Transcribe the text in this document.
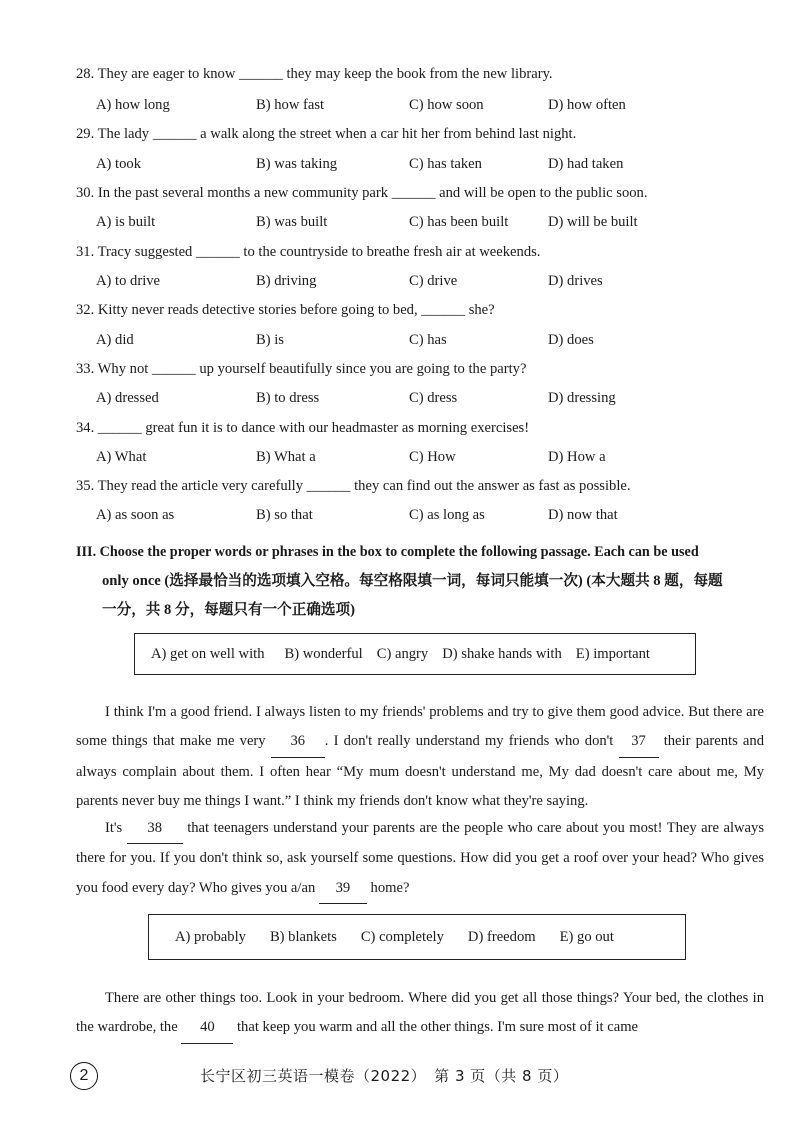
28. They are eager to know ______ they may keep the book from the new library.
A) how long	B) how fast	C) how soon	D) how often
29. The lady ______ a walk along the street when a car hit her from behind last night.
A) took	B) was taking	C) has taken	D) had taken
30. In the past several months a new community park ______ and will be open to the public soon.
A) is built	B) was built	C) has been built	D) will be built
31. Tracy suggested ______ to the countryside to breathe fresh air at weekends.
A) to drive	B) driving	C) drive	D) drives
32. Kitty never reads detective stories before going to bed, ______ she?
A) did	B) is	C) has	D) does
33. Why not ______ up yourself beautifully since you are going to the party?
A) dressed	B) to dress	C) dress	D) dressing
34. ______ great fun it is to dance with our headmaster as morning exercises!
A) What	B) What a	C) How	D) How a
35. They read the article very carefully ______ they can find out the answer as fast as possible.
A) as soon as	B) so that	C) as long as	D) now that
III. Choose the proper words or phrases in the box to complete the following passage. Each can be used
only once (选择最恰当的选项填入空格。每空格限填一词，每词只能填一次) (本大题共 8 题，每题
一分，共 8 分，每题只有一个正确选项)
A) get on well with B) wonderful C) angry D) shake hands with E) important
I think I'm a good friend. I always listen to my friends' problems and try to give them good advice. But there are some things that make me very 36 . I don't really understand my friends who don't 37 their parents and always complain about them. I often hear “My mum doesn't understand me, My dad doesn't care about me, My parents never buy me things I want.” I think my friends don't know what they're saying.
It's 38 that teenagers understand your parents are the people who care about you most! They are always there for you. If you don't think so, ask yourself some questions. How did you get a roof over your head? Who gives you food every day? Who gives you a/an 39 home?
A) probably B) blankets C) completely D) freedom E) go out
There are other things too. Look in your bedroom. Where did you get all those things? Your bed, the clothes in the wardrobe, the 40 that keep you warm and all the other things. I'm sure most of it came
2	长宁区初三英语一模卷（2022）　第 3 页（共 8 页）
